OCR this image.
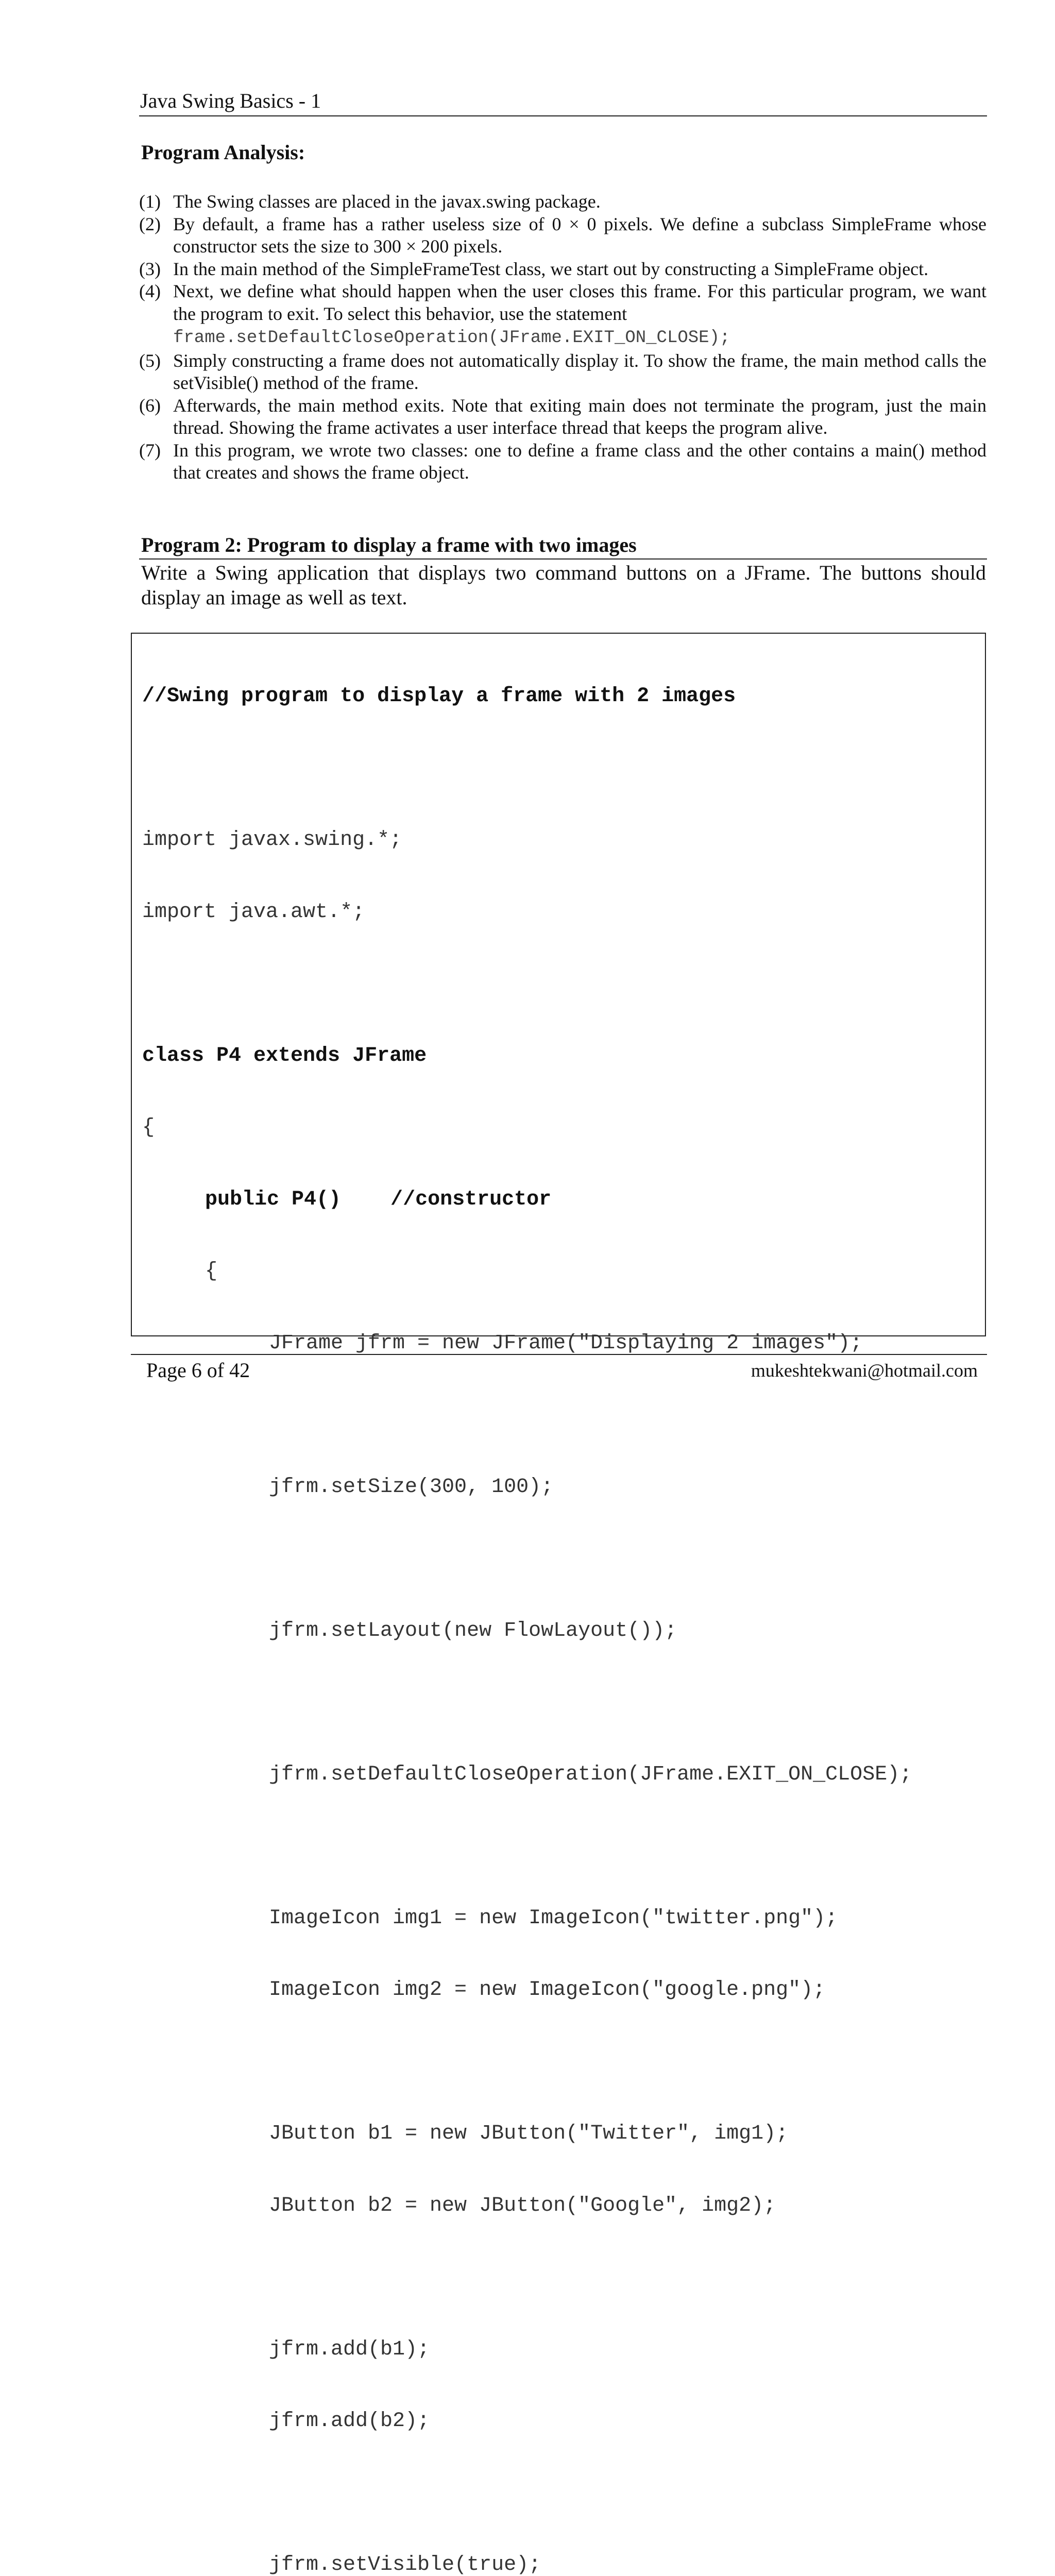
Java Swing Basics - 1
Program Analysis:
(1) The Swing classes are placed in the javax.swing package.
(2) By default, a frame has a rather useless size of 0 × 0 pixels. We define a subclass SimpleFrame whose constructor sets the size to 300 × 200 pixels.
(3) In the main method of the SimpleFrameTest class, we start out by constructing a SimpleFrame object.
(4) Next, we define what should happen when the user closes this frame. For this particular program, we want the program to exit. To select this behavior, use the statement
frame.setDefaultCloseOperation(JFrame.EXIT_ON_CLOSE);
(5) Simply constructing a frame does not automatically display it. To show the frame, the main method calls the setVisible() method of the frame.
(6) Afterwards, the main method exits. Note that exiting main does not terminate the program, just the main thread. Showing the frame activates a user interface thread that keeps the program alive.
(7) In this program, we wrote two classes: one to define a frame class and the other contains a main() method that creates and shows the frame object.
Program 2: Program to display a frame with two images
Write a Swing application that displays two command buttons on a JFrame. The buttons should display an image as well as text.

//Swing program to display a frame with 2 images

import javax.swing.*;

import java.awt.*;

class P4 extends JFrame

{

public P4()    //constructor

{

JFrame jfrm = new JFrame("Displaying 2 images");

jfrm.setSize(300, 100);

jfrm.setLayout(new FlowLayout());

jfrm.setDefaultCloseOperation(JFrame.EXIT_ON_CLOSE);

ImageIcon img1 = new ImageIcon("twitter.png");

ImageIcon img2 = new ImageIcon("google.png");

JButton b1 = new JButton("Twitter", img1);

JButton b2 = new JButton("Google", img2);

jfrm.add(b1);

jfrm.add(b2);

jfrm.setVisible(true);

Page 6 of 42	mukeshtekwani@hotmail.com
